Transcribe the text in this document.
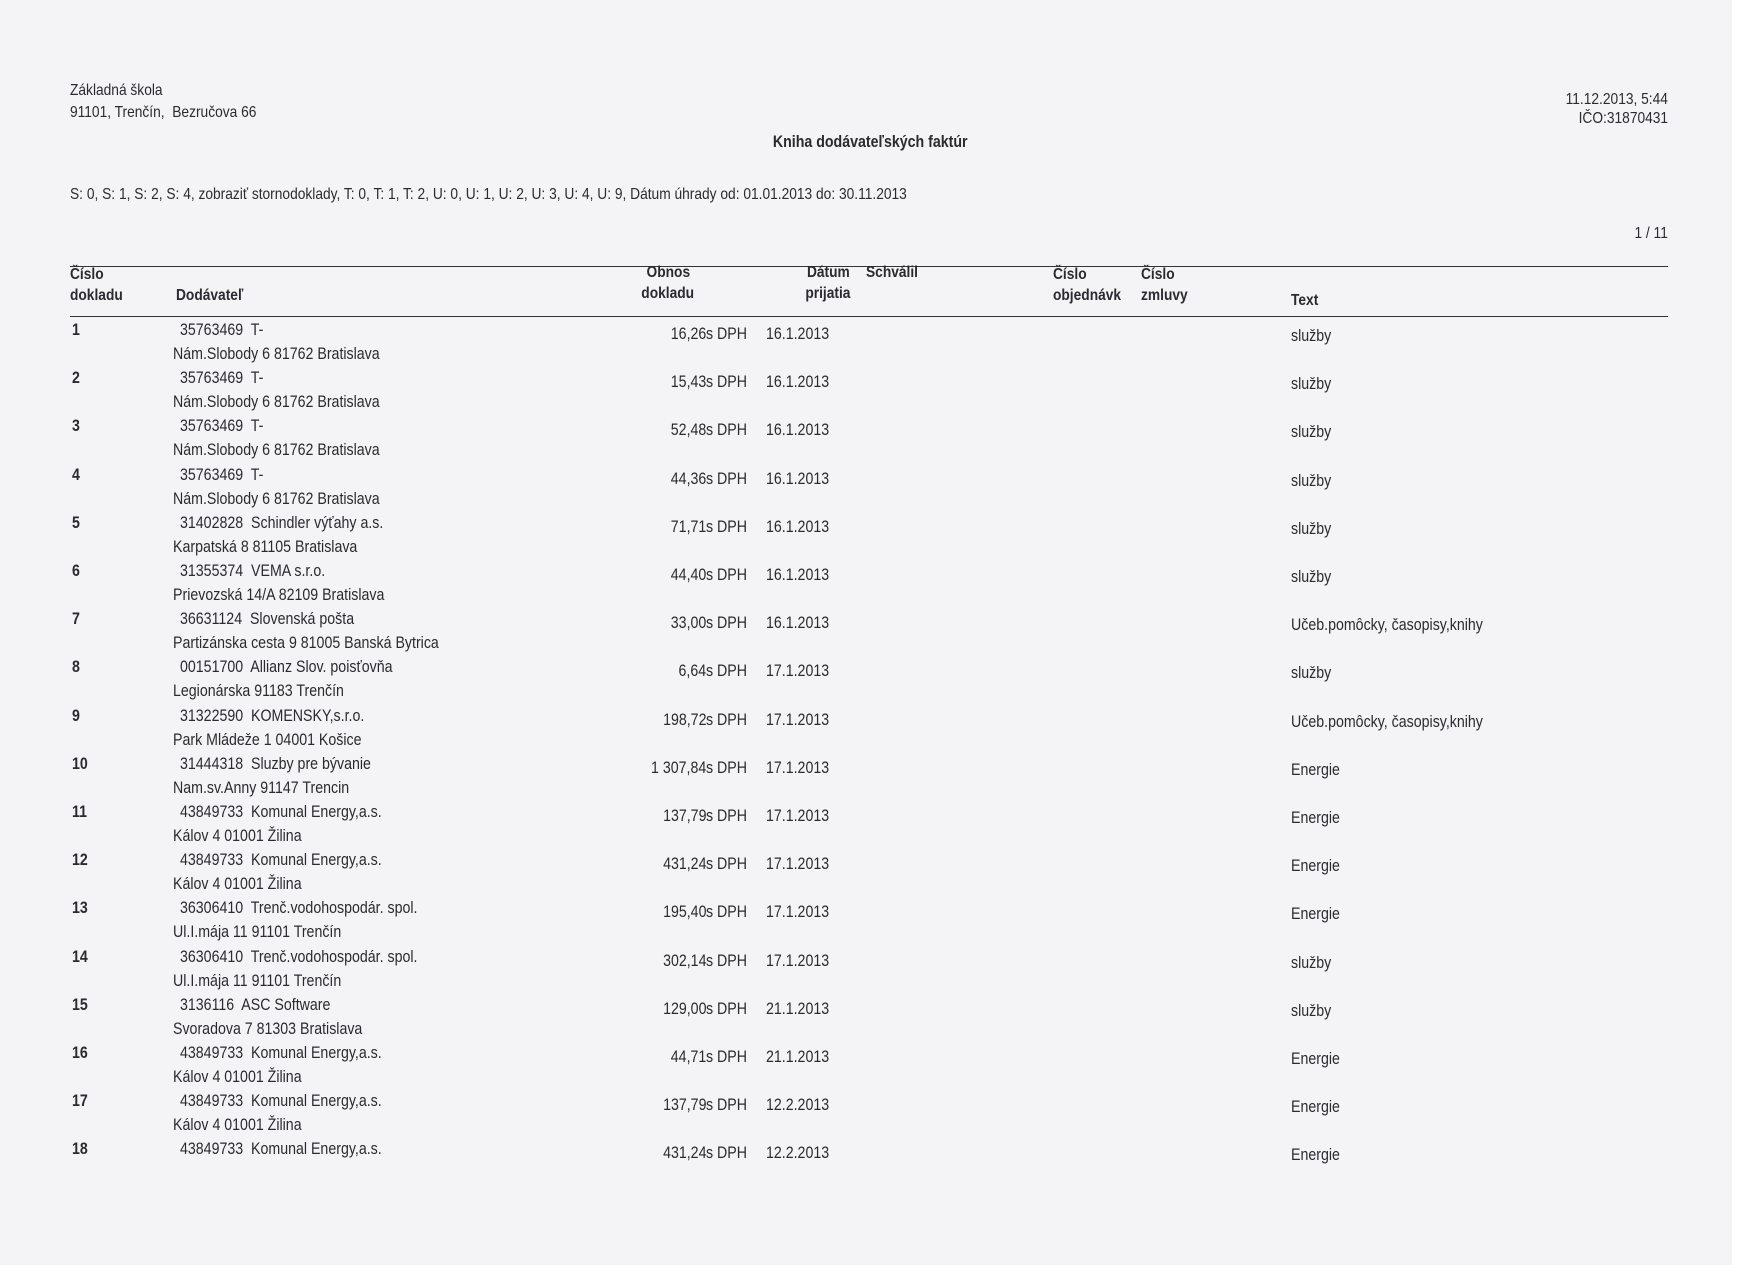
Základná škola
91101, Trenčín,  Bezručova 66
11.12.2013, 5:44
IČO:31870431
Kniha dodávateľských faktúr
S: 0, S: 1, S: 2, S: 4, zobraziť stornodoklady, T: 0, T: 1, T: 2, U: 0, U: 1, U: 2, U: 3, U: 4, U: 9, Dátum úhrady od: 01.01.2013 do: 30.11.2013
1 / 11
Číslo
dokladu	Dodávateľ
Obnos
dokladu
Dátum
prijatia
Schválil	Číslo
objednávk
Číslo
zmluvy	Text
1	35763469  T-
Nám.Slobody 6 81762 Bratislava
16,26 s DPH	16.1.2013	služby
2	35763469  T-
Nám.Slobody 6 81762 Bratislava
15,43 s DPH	16.1.2013	služby
3	35763469  T-
Nám.Slobody 6 81762 Bratislava
52,48 s DPH	16.1.2013	služby
4	35763469  T-
Nám.Slobody 6 81762 Bratislava
44,36 s DPH	16.1.2013	služby
5	31402828  Schindler výťahy a.s.
Karpatská 8 81105 Bratislava
71,71 s DPH	16.1.2013	služby
6	31355374  VEMA s.r.o.
Prievozská 14/A 82109 Bratislava
44,40 s DPH	16.1.2013	služby
7	36631124  Slovenská pošta
Partizánska cesta 9 81005 Banská Bytrica
33,00 s DPH	16.1.2013	Učeb.pomôcky, časopisy,knihy
8	00151700  Allianz Slov. poisťovňa
Legionárska 91183 Trenčín
6,64 s DPH	17.1.2013	služby
9	31322590  KOMENSKY,s.r.o.
Park Mládeže 1 04001 Košice
198,72 s DPH	17.1.2013	Učeb.pomôcky, časopisy,knihy
10	31444318  Sluzby pre bývanie
Nam.sv.Anny 91147 Trencin
1 307,84 s DPH	17.1.2013	Energie
11	43849733  Komunal Energy,a.s.
Kálov 4 01001 Žilina
137,79 s DPH	17.1.2013	Energie
12	43849733  Komunal Energy,a.s.
Kálov 4 01001 Žilina
431,24 s DPH	17.1.2013	Energie
13	36306410  Trenč.vodohospodár. spol.
Ul.I.mája 11 91101 Trenčín
195,40 s DPH	17.1.2013	Energie
14	36306410  Trenč.vodohospodár. spol.
Ul.I.mája 11 91101 Trenčín
302,14 s DPH	17.1.2013	služby
15	3136116  ASC Software
Svoradova 7 81303 Bratislava
129,00 s DPH	21.1.2013	služby
16	43849733  Komunal Energy,a.s.
Kálov 4 01001 Žilina
44,71 s DPH	21.1.2013	Energie
17	43849733  Komunal Energy,a.s.
Kálov 4 01001 Žilina
137,79 s DPH	12.2.2013	Energie
18	43849733  Komunal Energy,a.s.	431,24 s DPH	12.2.2013	Energie
